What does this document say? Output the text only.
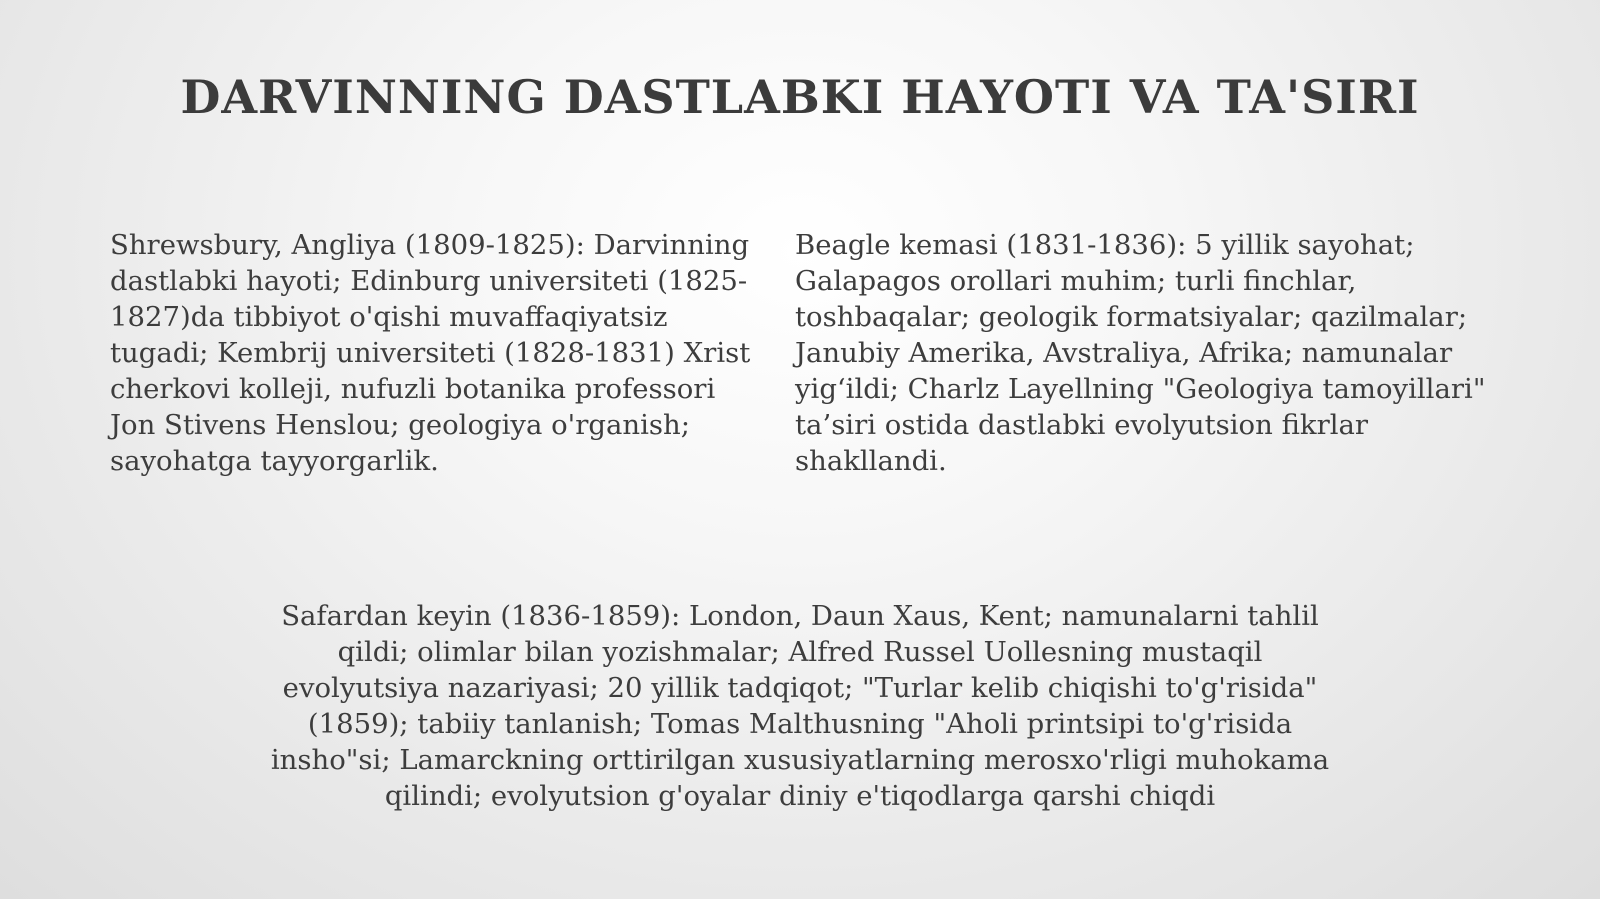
DARVINNING DASTLABKI HAYOTI VA TA'SIRI

Shrewsbury, Angliya (1809-1825): Darvinning dastlabki hayoti; Edinburg universiteti (1825-1827)da tibbiyot o'qishi muvaffaqiyatsiz tugadi; Kembrij universiteti (1828-1831) Xrist cherkovi kolleji, nufuzli botanika professori Jon Stivens Henslou; geologiya o'rganish; sayohatga tayyorgarlik.

Beagle kemasi (1831-1836): 5 yillik sayohat; Galapagos orollari muhim; turli finchlar, toshbaqalar; geologik formatsiyalar; qazilmalar; Janubiy Amerika, Avstraliya, Afrika; namunalar yig‘ildi; Charlz Layellning "Geologiya tamoyillari" ta’siri ostida dastlabki evolyutsion fikrlar shakllandi.

Safardan keyin (1836-1859): London, Daun Xaus, Kent; namunalarni tahlil qildi; olimlar bilan yozishmalar; Alfred Russel Uollesning mustaqil evolyutsiya nazariyasi; 20 yillik tadqiqot; "Turlar kelib chiqishi to'g'risida" (1859); tabiiy tanlanish; Tomas Malthusning "Aholi printsipi to'g'risida insho"si; Lamarckning orttirilgan xususiyatlarning merosxo'rligi muhokama qilindi; evolyutsion g'oyalar diniy e'tiqodlarga qarshi chiqdi
